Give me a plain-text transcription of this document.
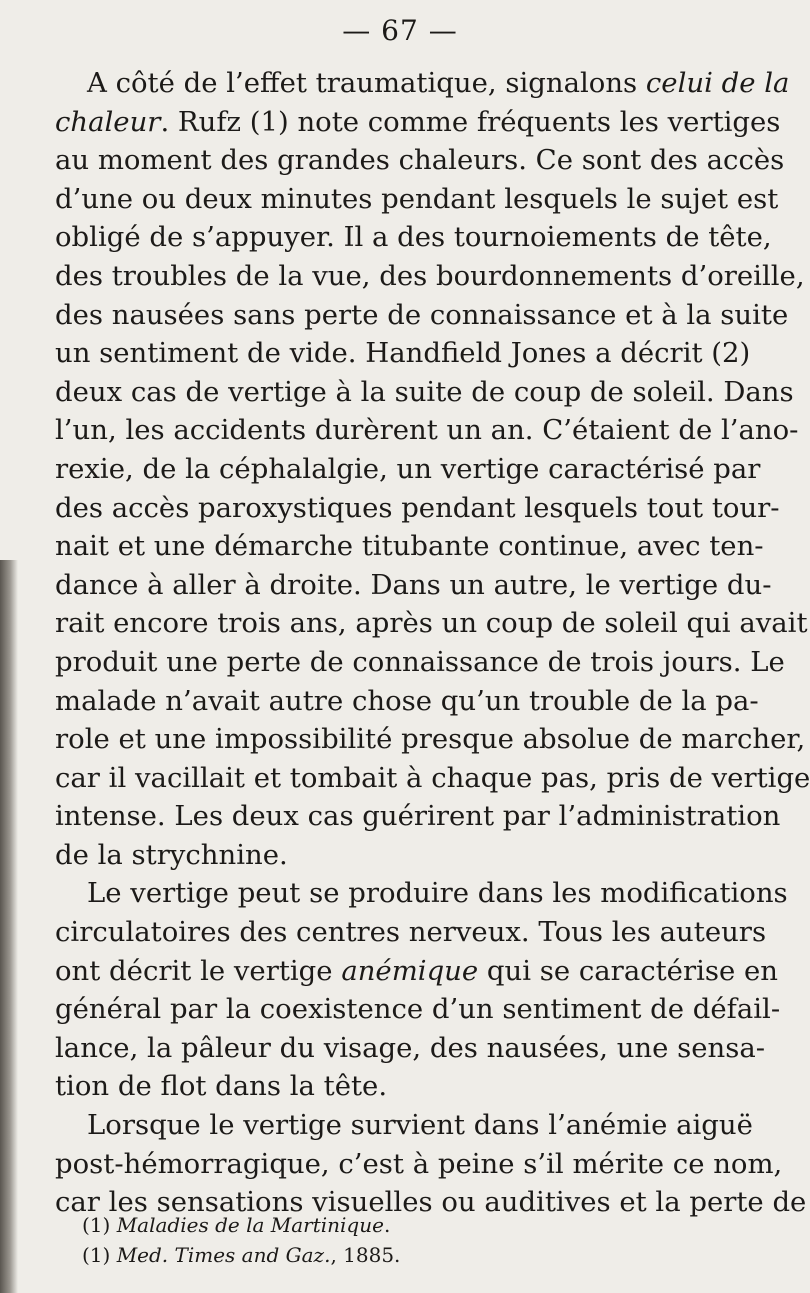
— 67 —
A côté de l’effet traumatique, signalons celui de la
chaleur. Rufz (1) note comme fréquents les vertiges
au moment des grandes chaleurs. Ce sont des accès
d’une ou deux minutes pendant lesquels le sujet est
obligé de s’appuyer. Il a des tournoiements de tête,
des troubles de la vue, des bourdonnements d’oreille,
des nausées sans perte de connaissance et à la suite
un sentiment de vide. Handfield Jones a décrit (2)
deux cas de vertige à la suite de coup de soleil. Dans
l’un, les accidents durèrent un an. C’étaient de l’ano-
rexie, de la céphalalgie, un vertige caractérisé par
des accès paroxystiques pendant lesquels tout tour-
nait et une démarche titubante continue, avec ten-
dance à aller à droite. Dans un autre, le vertige du-
rait encore trois ans, après un coup de soleil qui avait
produit une perte de connaissance de trois jours. Le
malade n’avait autre chose qu’un trouble de la pa-
role et une impossibilité presque absolue de marcher,
car il vacillait et tombait à chaque pas, pris de vertige
intense. Les deux cas guérirent par l’administration
de la strychnine.
Le vertige peut se produire dans les modifications
circulatoires des centres nerveux. Tous les auteurs
ont décrit le vertige anémique qui se caractérise en
général par la coexistence d’un sentiment de défail-
lance, la pâleur du visage, des nausées, une sensa-
tion de flot dans la tête.
Lorsque le vertige survient dans l’anémie aiguë
post-hémorragique, c’est à peine s’il mérite ce nom,
car les sensations visuelles ou auditives et la perte de
(1) Maladies de la Martinique.
(1) Med. Times and Gaz., 1885.
